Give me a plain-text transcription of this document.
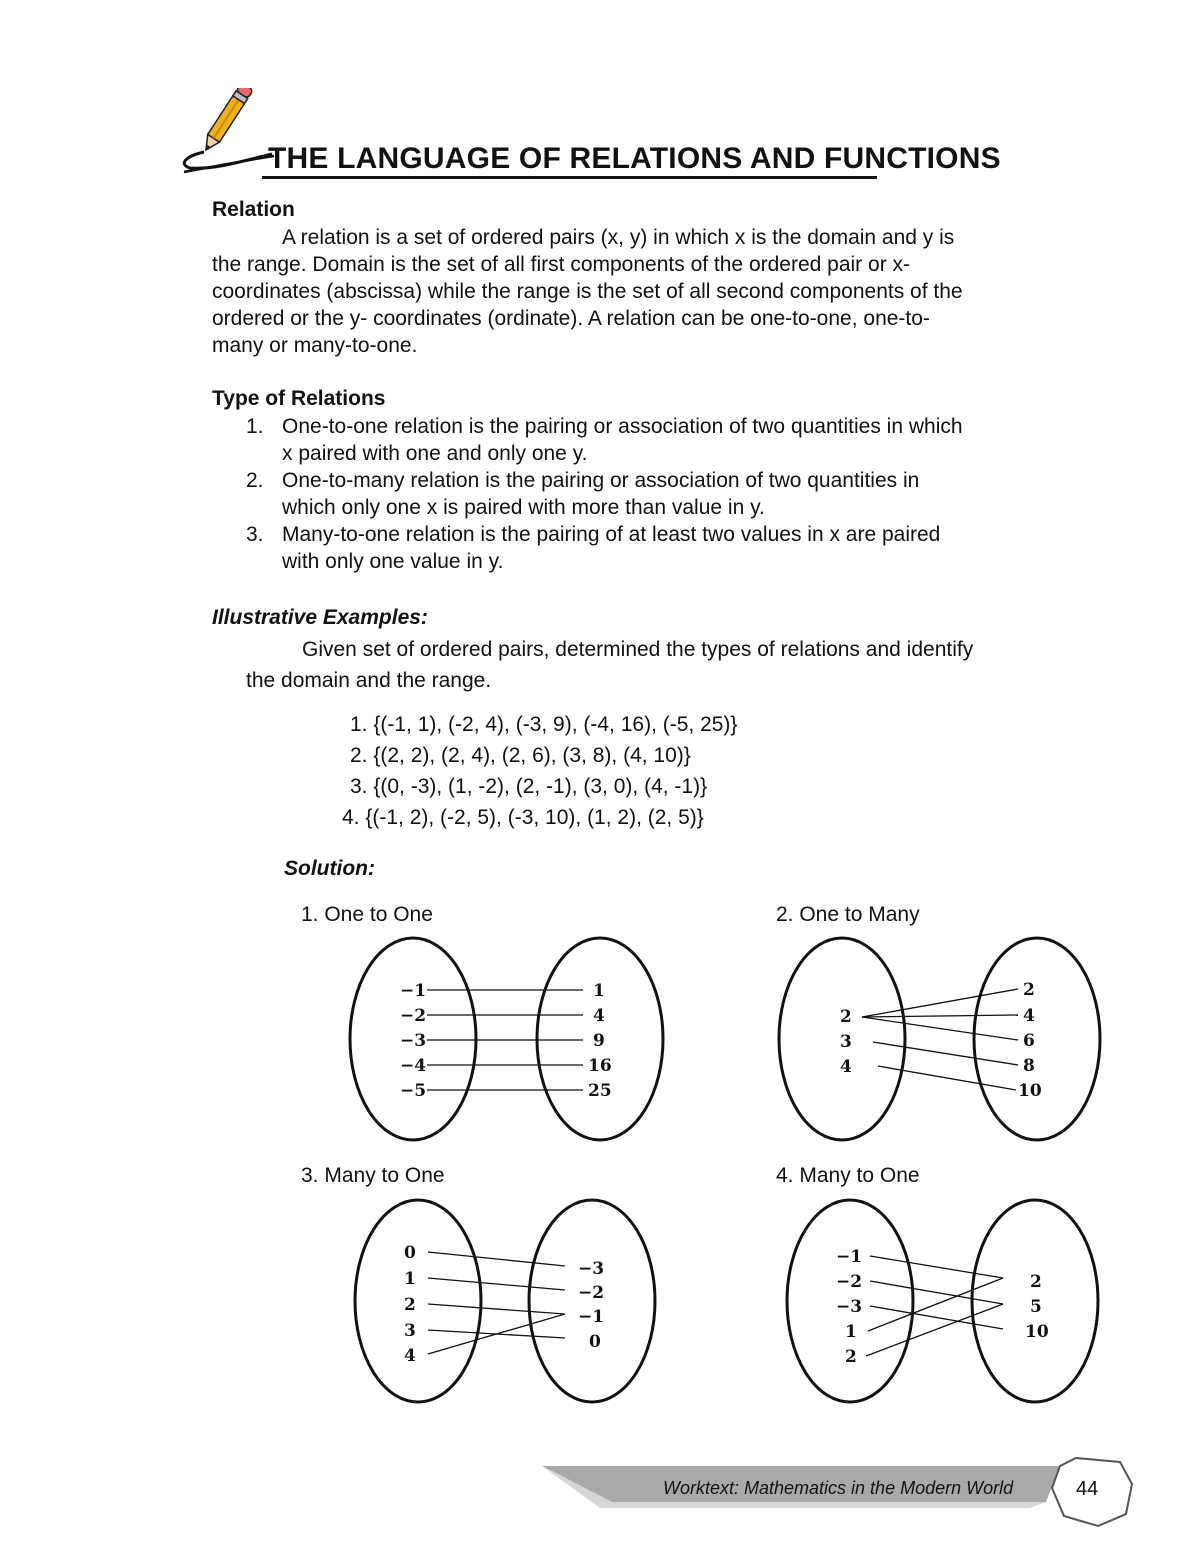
THE LANGUAGE OF RELATIONS AND FUNCTIONS
Relation
A relation is a set of ordered pairs (x, y) in which x is the domain and y is
the range. Domain is the set of all first components of the ordered pair or x-
coordinates (abscissa) while the range is the set of all second components of the
ordered or the y- coordinates (ordinate). A relation can be one-to-one, one-to-
many or many-to-one.
Type of Relations
1. One-to-one relation is the pairing or association of two quantities in which
x paired with one and only one y.
2. One-to-many relation is the pairing or association of two quantities in
which only one x is paired with more than value in y.
3. Many-to-one relation is the pairing of at least two values in x are paired
with only one value in y.
Illustrative Examples:
Given set of ordered pairs, determined the types of relations and identify
the domain and the range.
1. {(-1, 1), (-2, 4), (-3, 9), (-4, 16), (-5, 25)}
2. {(2, 2), (2, 4), (2, 6), (3, 8), (4, 10)}
3. {(0, -3), (1, -2), (2, -1), (3, 0), (4, -1)}
4. {(-1, 2), (-2, 5), (-3, 10), (1, 2), (2, 5)}
Solution:
1. One to One	2. One to Many
3. Many to One	4. Many to One
−1
−2
−3
−4
−5
1
4
9
16
25
2
3
4
2
4
6
8
10
0
1
2
3
4
−3
−2
−1
0
−1
−2
−3
1
2
2
5
10
Worktext: Mathematics in the Modern World	44
